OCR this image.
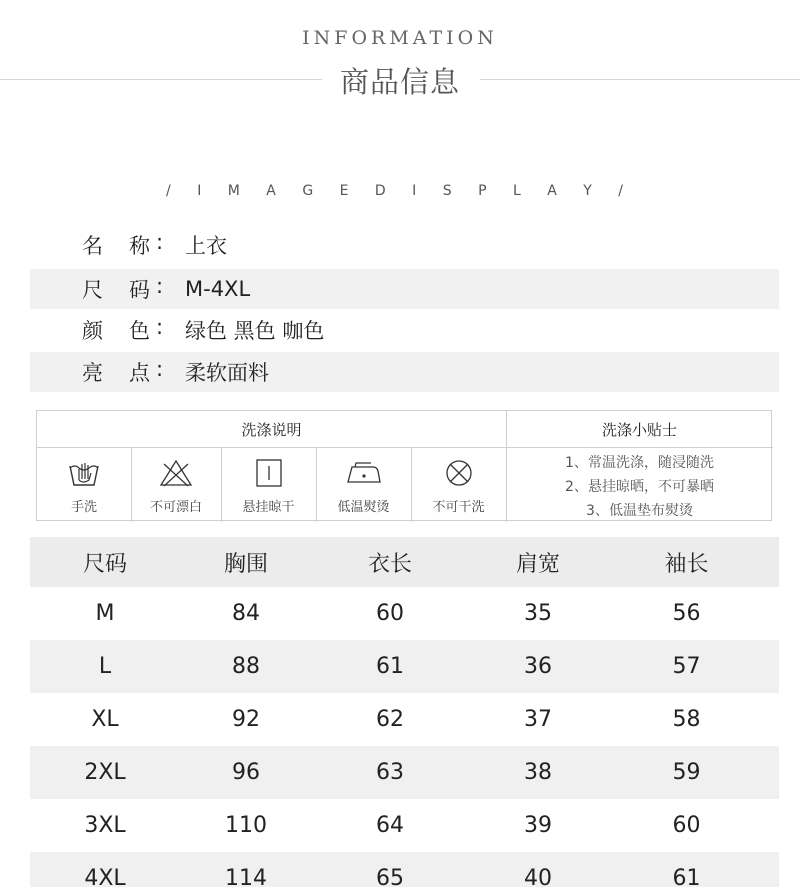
INFORMATION
商品信息
/ I M A G E D I S P L A Y /
名 称 : 上衣
尺 码 : M-4XL
颜 色 : 绿色 黑色 咖色
亮 点 : 柔软面料
洗涤说明	洗涤小贴士
手洗	不可漂白	悬挂晾干	低温熨烫	不可干洗
1、常温洗涤，随浸随洗
2、悬挂晾晒，不可暴晒
3、低温垫布熨烫
尺码	胸围	衣长	肩宽	袖长
M	84	60	35	56
L	88	61	36	57
XL	92	62	37	58
2XL	96	63	38	59
3XL	110	64	39	60
4XL	114	65	40	61
